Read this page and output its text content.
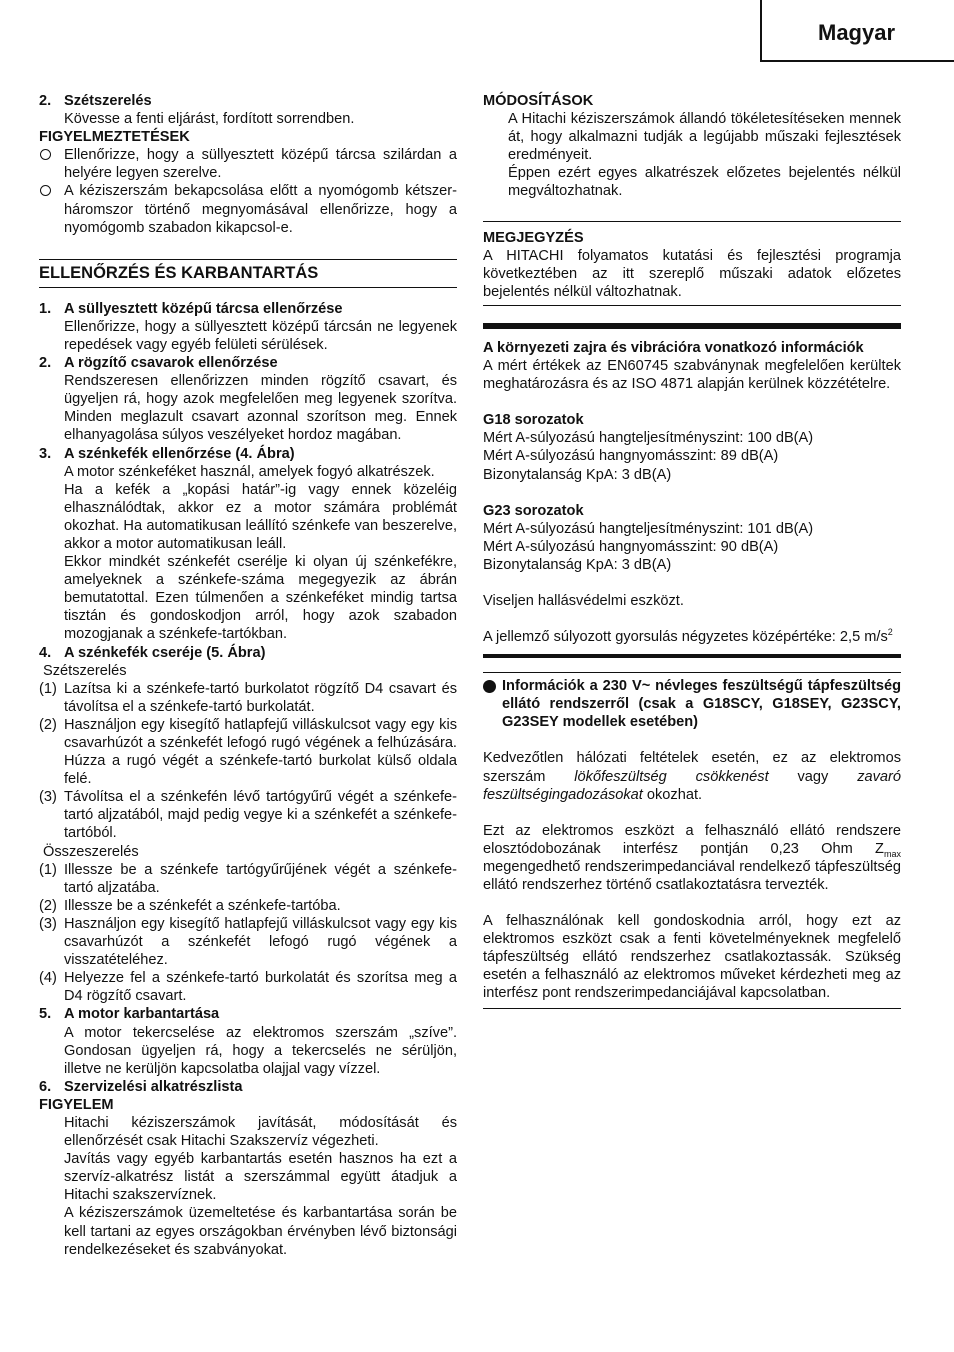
Magyar
2. Szétszerelés

Kövesse a fenti eljárást, fordított sorrendben.

FIGYELMEZTETÉSEK

Ellenőrizze, hogy a süllyesztett középű tárcsa szilárdan a helyére legyen szerelve.
A kéziszerszám bekapcsolása előtt a nyomógomb kétszer-háromszor történő megnyomásával ellenőrizze, hogy a nyomógomb szabadon kikapcsol-e.

ELLENŐRZÉS ÉS KARBANTARTÁS

1. A süllyesztett középű tárcsa ellenőrzése

Ellenőrizze, hogy a süllyesztett középű tárcsán ne legyenek repedések vagy egyéb felületi sérülések.

2. A rögzítő csavarok ellenőrzése

Rendszeresen ellenőrizzen minden rögzítő csavart, és ügyeljen rá, hogy azok megfelelően meg legyenek szorítva. Minden meglazult csavart azonnal szorítson meg. Ennek elhanyagolása súlyos veszélyeket hordoz magában.

3. A szénkefék ellenőrzése (4. Ábra)

A motor szénkeféket használ, amelyek fogyó alkatrészek.

Ha a kefék a „kopási határ”-ig vagy ennek közeléig elhasználódtak, akkor ez a motor számára problémát okozhat. Ha automatikusan leállító szénkefe van beszerelve, akkor a motor automatikusan leáll.

Ekkor mindkét szénkefét cserélje ki olyan új szénkefékre, amelyeknek a szénkefe-száma megegyezik az ábrán bemutatottal. Ezen túlmenően a szénkeféket mindig tartsa tisztán és gondoskodjon arról, hogy azok szabadon mozogjanak a szénkefe-tartókban.

4. A szénkefék cseréje (5. Ábra)

Szétszerelés

(1) Lazítsa ki a szénkefe-tartó burkolatot rögzítő D4 csavart és távolítsa el a szénkefe-tartó burkolatát.
(2) Használjon egy kisegítő hatlapfejű villáskulcsot vagy egy kis csavarhúzót a szénkefét lefogó rugó végének a felhúzására. Húzza a rugó végét a szénkefe-tartó burkolat külső oldala felé.
(3) Távolítsa el a szénkefén lévő tartógyűrű végét a szénkefe-tartó aljzatából, majd pedig vegye ki a szénkefét a szénkefe-tartóból.

Összeszerelés

(1) Illessze be a szénkefe tartógyűrűjének végét a szénkefe-tartó aljzatába.
(2) Illessze be a szénkefét a szénkefe-tartóba.
(3) Használjon egy kisegítő hatlapfejű villáskulcsot vagy egy kis csavarhúzót a szénkefét lefogó rugó végének a visszatételéhez.
(4) Helyezze fel a szénkefe-tartó burkolatát és szorítsa meg a D4 rögzítő csavart.
5. A motor karbantartása

A motor tekercselése az elektromos szerszám „szíve”. Gondosan ügyeljen rá, hogy a tekercselés ne sérüljön, illetve ne kerüljön kapcsolatba olajjal vagy vízzel.

6. Szervizelési alkatrészlista

FIGYELEM

Hitachi kéziszerszámok javítását, módosítását és ellenőrzését csak Hitachi Szakszervíz végezheti.

Javítás vagy egyéb karbantartás esetén hasznos ha ezt a szervíz-alkatrész listát a szerszámmal együtt átadjuk a Hitachi szakszervíznek.

A kéziszerszámok üzemeltetése és karbantartása során be kell tartani az egyes országokban érvényben lévő biztonsági rendelkezéseket és szabványokat.

MÓDOSÍTÁSOK

A Hitachi kéziszerszámok állandó tökéletesítéseken mennek át, hogy alkalmazni tudják a legújabb műszaki fejlesztések eredményeit.

Éppen ezért egyes alkatrészek előzetes bejelentés nélkül megváltozhatnak.

MEGJEGYZÉS

A HITACHI folyamatos kutatási és fejlesztési programja következtében az itt szereplő műszaki adatok előzetes bejelentés nélkül változhatnak.

A környezeti zajra és vibrációra vonatkozó információk

A mért értékek az EN60745 szabványnak megfelelően kerültek meghatározásra és az ISO 4871 alapján kerülnek közzétételre.

G18 sorozatok

Mért A-súlyozású hangteljesítményszint: 100 dB(A)

Mért A-súlyozású hangnyomásszint: 89 dB(A)

Bizonytalanság KpA: 3 dB(A)

G23 sorozatok

Mért A-súlyozású hangteljesítményszint: 101 dB(A)

Mért A-súlyozású hangnyomásszint: 90 dB(A)

Bizonytalanság KpA: 3 dB(A)

Viseljen hallásvédelmi eszközt.

A jellemző súlyozott gyorsulás négyzetes középértéke: 2,5 $m/s^2$

Információk a 230 V~ névleges feszültségű tápfeszültség ellátó rendszerről (csak a G18SCY, G18SEY, G23SCY, G23SEY modellek esetében)

Kedvezőtlen hálózati feltételek esetén, ez az elektromos szerszám lökőfeszültség csökkenést vagy zavaró feszültségingadozásokat okozhat.

Ezt az elektromos eszközt a felhasználó ellátó rendszere elosztódobozának interfész pontján 0,23 Ohm $Z_{max}$ megengedhető rendszerimpedanciával rendelkező tápfeszültség ellátó rendszerhez történő csatlakoztatásra tervezték.

A felhasználónak kell gondoskodnia arról, hogy ezt az elektromos eszközt csak a fenti követelményeknek megfelelő tápfeszültség ellátó rendszerhez csatlakoztassák. Szükség esetén a felhasználó az elektromos műveket kérdezheti meg az interfész pont rendszerimpedanciájával kapcsolatban.
